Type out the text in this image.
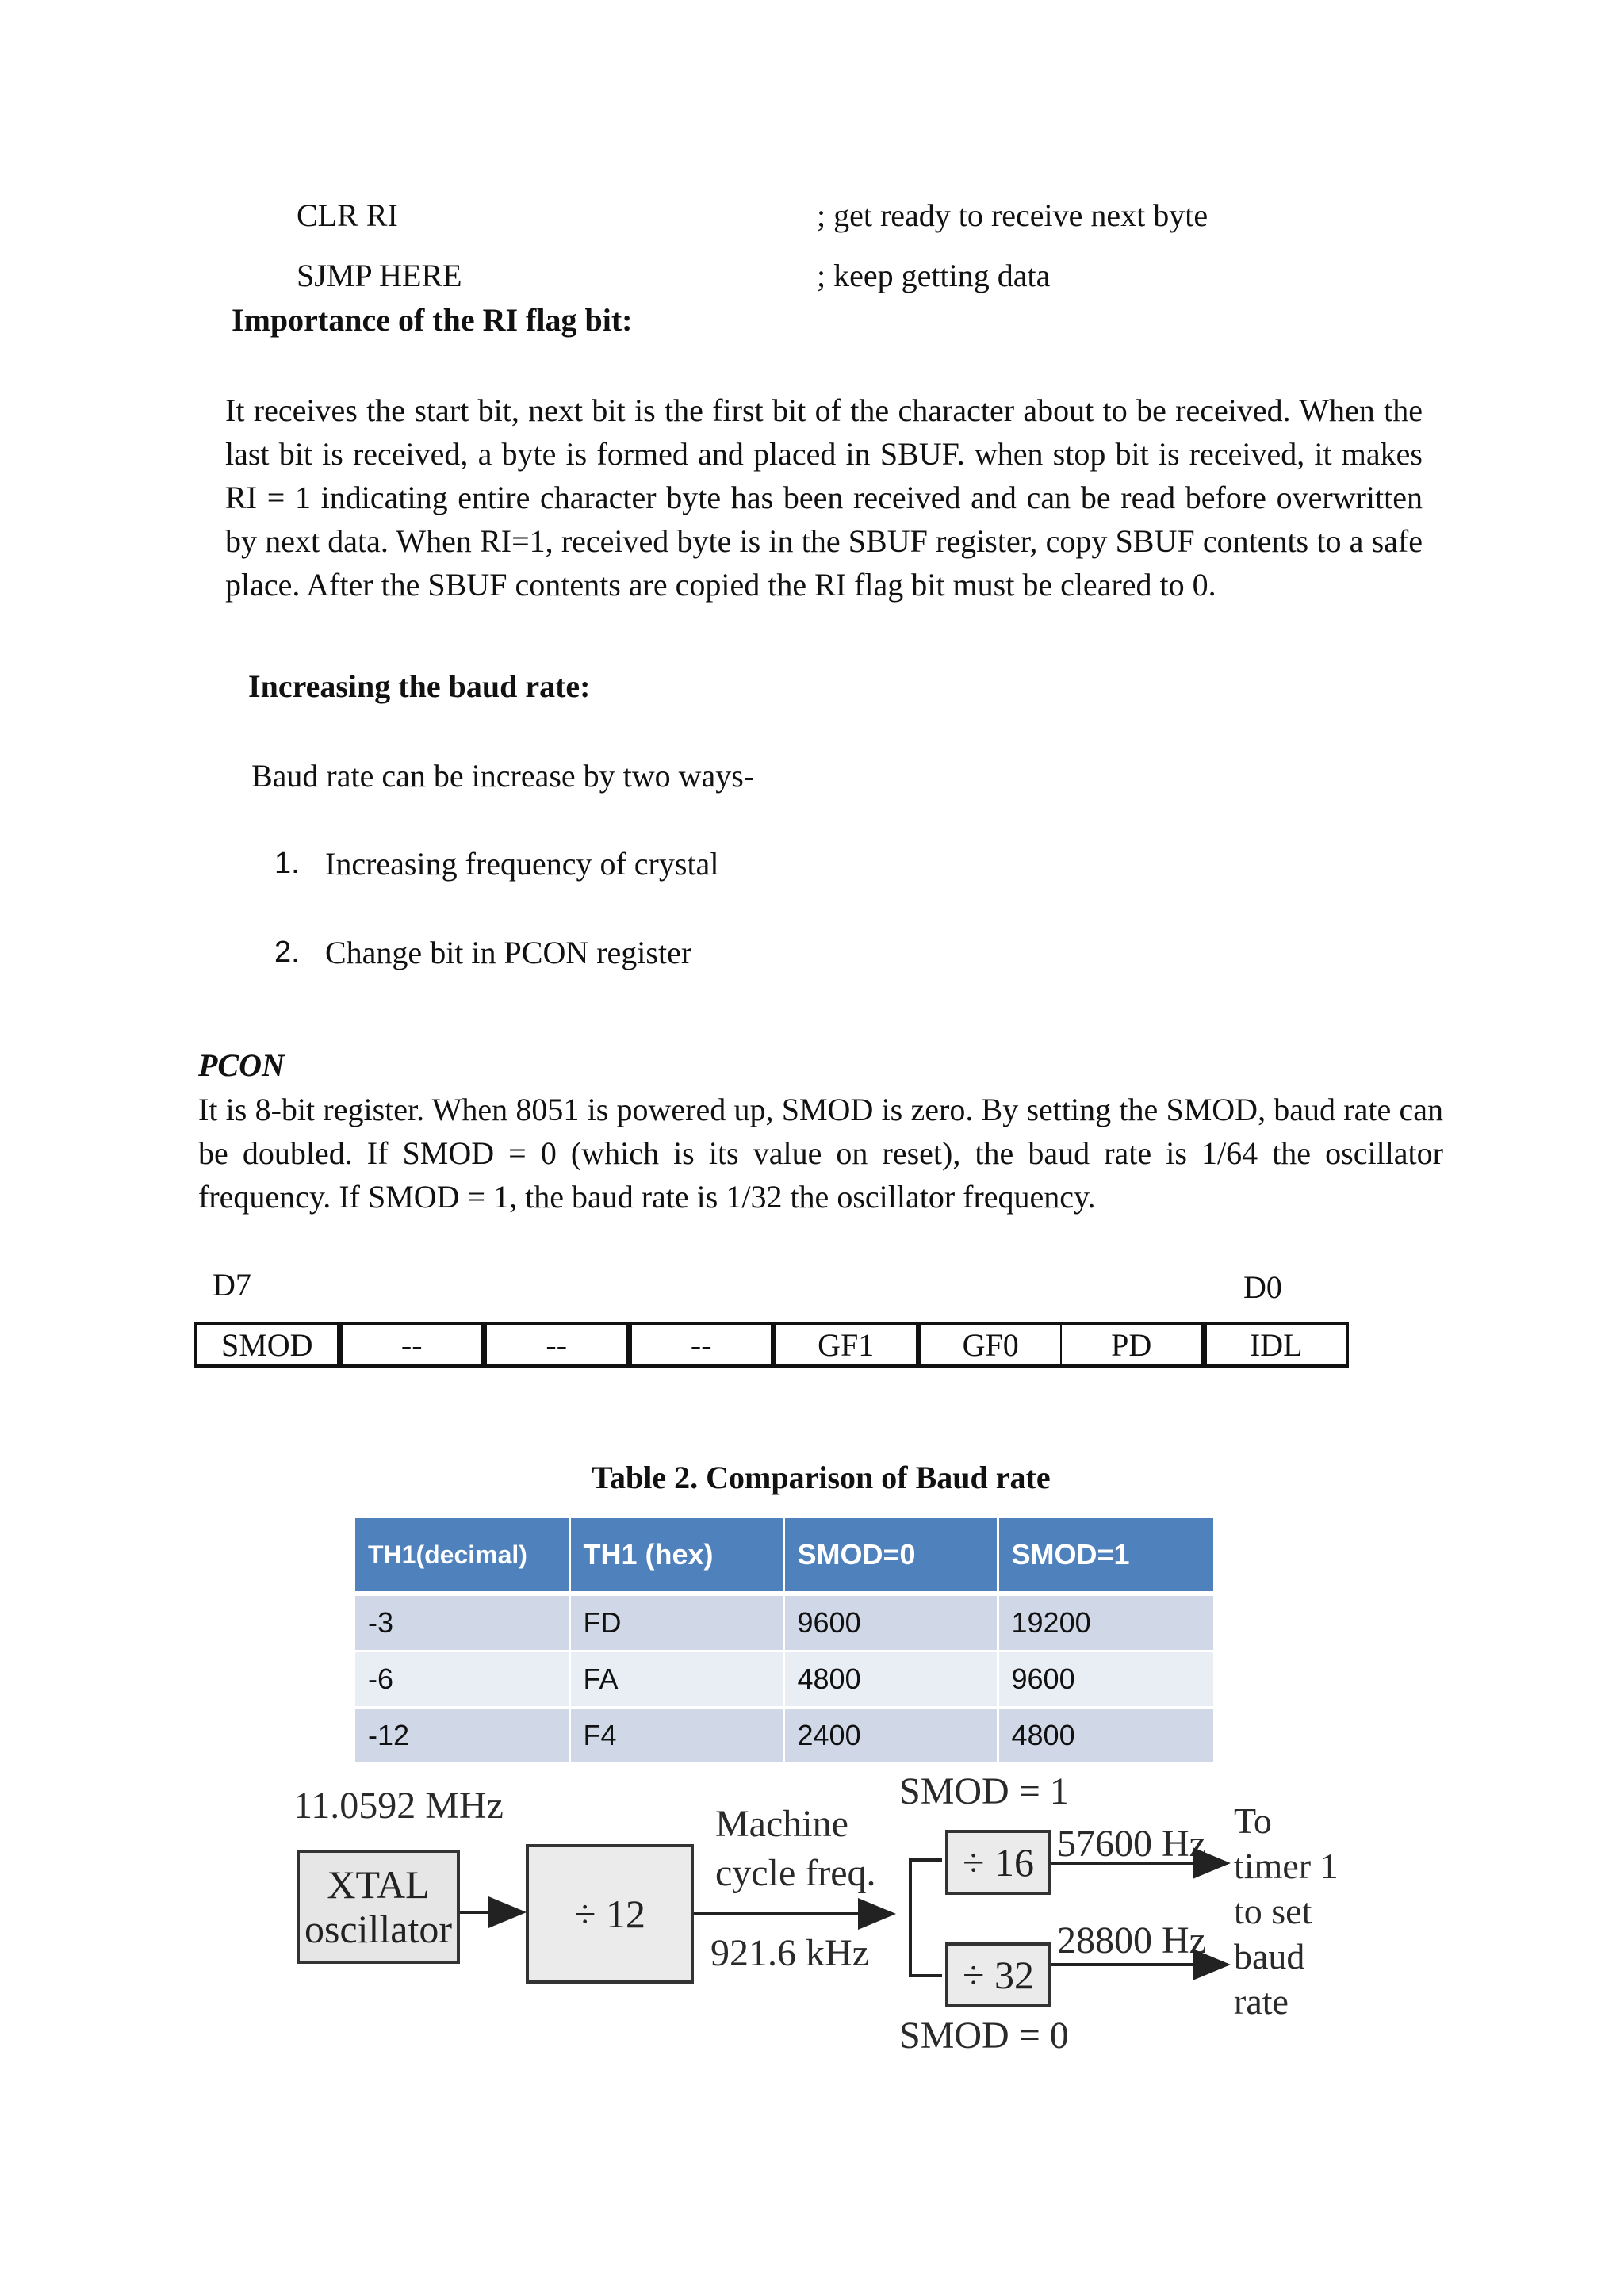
CLR RI	; get ready to receive next byte
SJMP HERE	; keep getting data
Importance of the RI flag bit:
It receives the start bit, next bit is the first bit of the character about to be received. When the last bit is received, a byte is formed and placed in SBUF. when stop bit is received, it makes RI = 1 indicating entire character byte has been received and can be read before overwritten by next data. When RI=1, received byte is in the SBUF register, copy SBUF contents to a safe place. After the SBUF contents are copied the RI flag bit must be cleared to 0.
Increasing the baud rate:
Baud rate can be increase by two ways-
1. Increasing frequency of crystal
2. Change bit in PCON register
PCON
It is 8-bit register. When 8051 is powered up, SMOD is zero. By setting the SMOD, baud rate can be doubled. If SMOD = 0 (which is its value on reset), the baud rate is 1/64 the oscillator frequency. If SMOD = 1, the baud rate is 1/32 the oscillator frequency.
D7	D0
SMOD	--	--	--	GF1	GF0	PD	IDL
Table 2. Comparison of Baud rate
TH1(decimal)	TH1 (hex)	SMOD=0	SMOD=1
-3	FD	9600	19200
-6	FA	4800	9600
-12	F4	2400	4800
11.0592 MHz
XTAL
oscillator	÷ 12
Machine
cycle freq.
921.6 kHz
SMOD = 1
SMOD = 0
÷ 16
÷ 32
57600 Hz
28800 Hz
To
timer 1
to set
baud
rate
